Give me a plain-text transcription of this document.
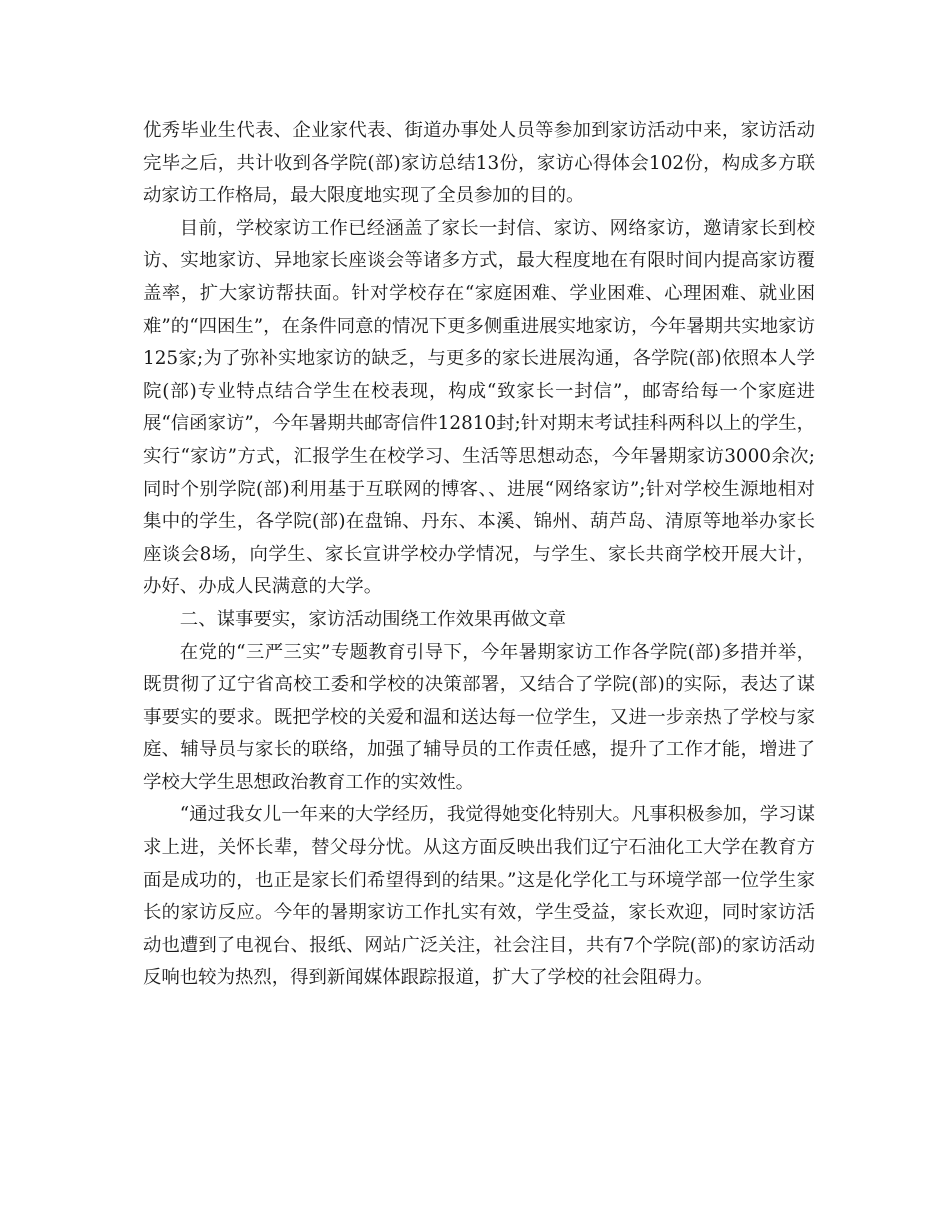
优秀毕业生代表、企业家代表、街道办事处人员等参加到家访活动中来，家访活动完毕之后，共计收到各学院(部)家访总结13份，家访心得体会102份，构成多方联动家访工作格局，最大限度地实现了全员参加的目的。

目前，学校家访工作已经涵盖了家长一封信、家访、网络家访，邀请家长到校访、实地家访、异地家长座谈会等诸多方式，最大程度地在有限时间内提高家访覆盖率，扩大家访帮扶面。针对学校存在“家庭困难、学业困难、心理困难、就业困难”的“四困生”，在条件同意的情况下更多侧重进展实地家访，今年暑期共实地家访125家;为了弥补实地家访的缺乏，与更多的家长进展沟通，各学院(部)依照本人学院(部)专业特点结合学生在校表现，构成“致家长一封信”，邮寄给每一个家庭进展“信函家访”，今年暑期共邮寄信件12810封;针对期末考试挂科两科以上的学生，实行“家访”方式，汇报学生在校学习、生活等思想动态，今年暑期家访3000余次;同时个别学院(部)利用基于互联网的博客、、进展“网络家访”;针对学校生源地相对集中的学生，各学院(部)在盘锦、丹东、本溪、锦州、葫芦岛、清原等地举办家长座谈会8场，向学生、家长宣讲学校办学情况，与学生、家长共商学校开展大计，办好、办成人民满意的大学。

二、谋事要实，家访活动围绕工作效果再做文章

在党的“三严三实”专题教育引导下，今年暑期家访工作各学院(部)多措并举，既贯彻了辽宁省高校工委和学校的决策部署，又结合了学院(部)的实际，表达了谋事要实的要求。既把学校的关爱和温和送达每一位学生，又进一步亲热了学校与家庭、辅导员与家长的联络，加强了辅导员的工作责任感，提升了工作才能，增进了学校大学生思想政治教育工作的实效性。

“通过我女儿一年来的大学经历，我觉得她变化特别大。凡事积极参加，学习谋求上进，关怀长辈，替父母分忧。从这方面反映出我们辽宁石油化工大学在教育方面是成功的，也正是家长们希望得到的结果。”这是化学化工与环境学部一位学生家长的家访反应。今年的暑期家访工作扎实有效，学生受益，家长欢迎，同时家访活动也遭到了电视台、报纸、网站广泛关注，社会注目，共有7个学院(部)的家访活动反响也较为热烈，得到新闻媒体跟踪报道，扩大了学校的社会阻碍力。
